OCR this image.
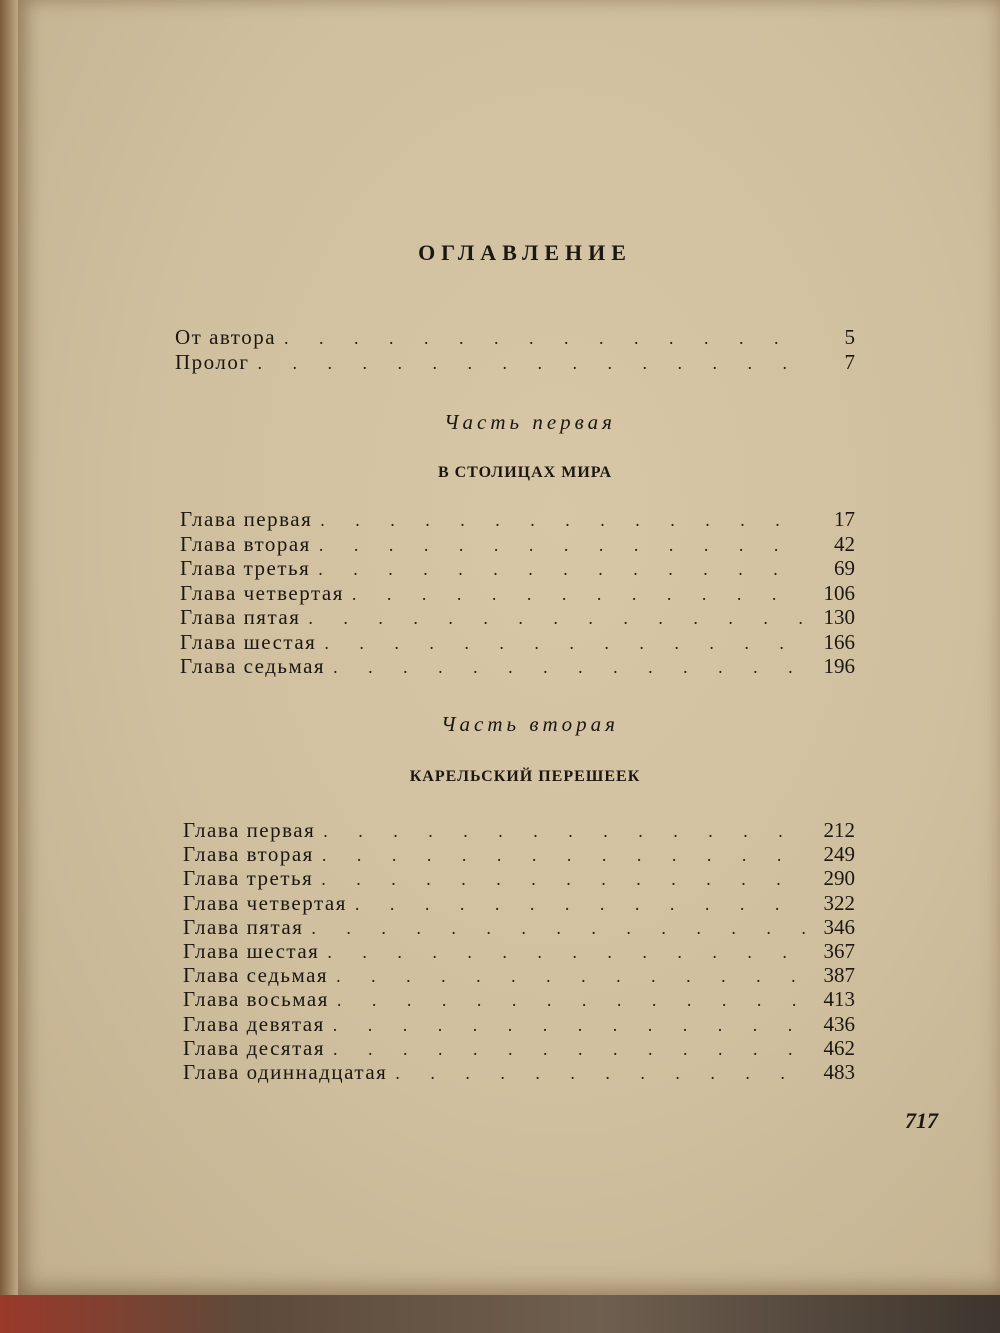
ОГЛАВЛЕНИЕ
От автора . . .	5
Пролог . . .	7
Часть первая
В СТОЛИЦАХ МИРА
Глава первая . . .	17
Глава вторая . . .	42
Глава третья . . .	69
Глава четвертая . . .	106
Глава пятая . . .	130
Глава шестая . . .	166
Глава седьмая . . .	196
Часть вторая
КАРЕЛЬСКИЙ ПЕРЕШЕЕК
Глава первая . . .	212
Глава вторая . . .	249
Глава третья . . .	290
Глава четвертая . . .	322
Глава пятая . . .	346
Глава шестая . . .	367
Глава седьмая . . .	387
Глава восьмая . . .	413
Глава девятая . . .	436
Глава десятая . . .	462
Глава одиннадцатая . . .	483
717
